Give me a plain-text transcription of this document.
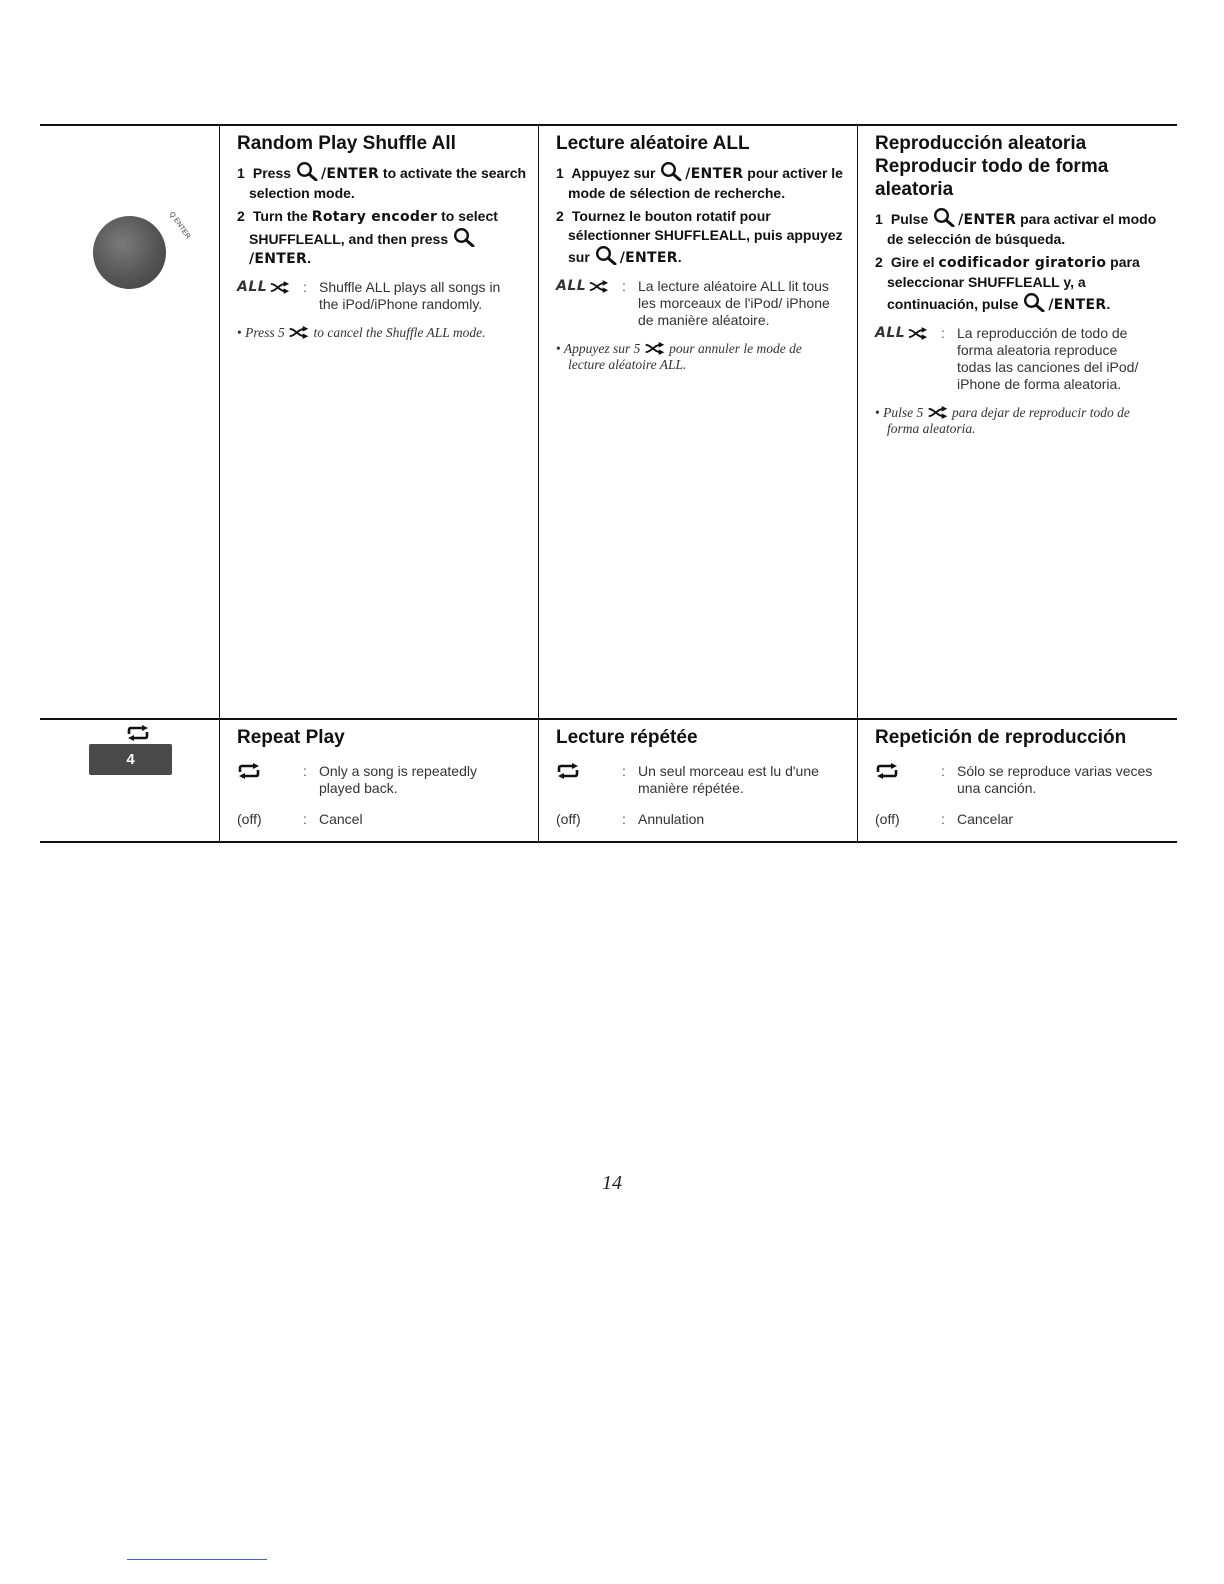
Q ENTER
Random Play Shuffle All
1 Press /ENTER to activate the search selection mode.
2 Turn the Rotary encoder to select SHUFFLEALL, and then press /ENTER.
ALL	: Shuffle ALL plays all songs in the iPod/iPhone randomly.
• Press 5 to cancel the Shuffle ALL mode.
Lecture aléatoire ALL
1 Appuyez sur /ENTER pour activer le mode de sélection de recherche.
2 Tournez le bouton rotatif pour sélectionner SHUFFLEALL, puis appuyez sur /ENTER.
ALL	: La lecture aléatoire ALL lit tous les morceaux de l'iPod/ iPhone de manière aléatoire.
• Appuyez sur 5 pour annuler le mode de lecture aléatoire ALL.
Reproducción aleatoria Reproducir todo de forma aleatoria
1 Pulse /ENTER para activar el modo de selección de búsqueda.
2 Gire el codificador giratorio para seleccionar SHUFFLEALL y, a continuación, pulse /ENTER.
ALL	: La reproducción de todo de forma aleatoria reproduce todas las canciones del iPod/ iPhone de forma aleatoria.
• Pulse 5 para dejar de reproducir todo de forma aleatoria.
4
Repeat Play
: Only a song is repeatedly played back.
(off)	: Cancel
Lecture répétée
: Un seul morceau est lu d'une manière répétée.
(off)	: Annulation
Repetición de reproducción
: Sólo se reproduce varias veces una canción.
(off)	: Cancelar
14
